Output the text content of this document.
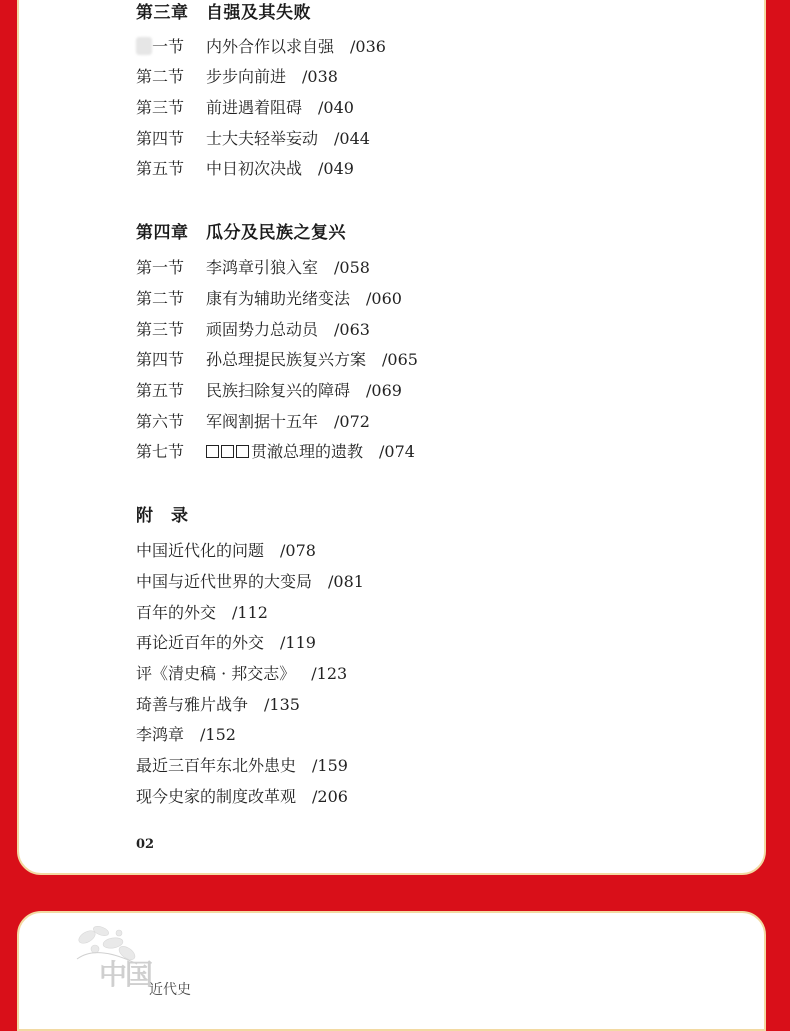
第三章　自强及其失败
一节 内外合作以求自强 /036
第二节 步步向前进 /038
第三节 前进遇着阻碍 /040
第四节 士大夫轻举妄动 /044
第五节 中日初次决战 /049
第四章　瓜分及民族之复兴
第一节 李鸿章引狼入室 /058
第二节 康有为辅助光绪变法 /060
第三节 顽固势力总动员 /063
第四节 孙总理提民族复兴方案 /065
第五节 民族扫除复兴的障碍 /069
第六节 军阀割据十五年 /072
第七节	贯澈总理的遗教 /074
附　录
中国近代化的问题 /078
中国与近代世界的大变局 /081
百年的外交 /112
再论近百年的外交 /119
评《清史稿 · 邦交志》 /123
琦善与雅片战争 /135
李鸿章 /152
最近三百年东北外患史 /159
现今史家的制度改革观 /206
02
中国
近代史
